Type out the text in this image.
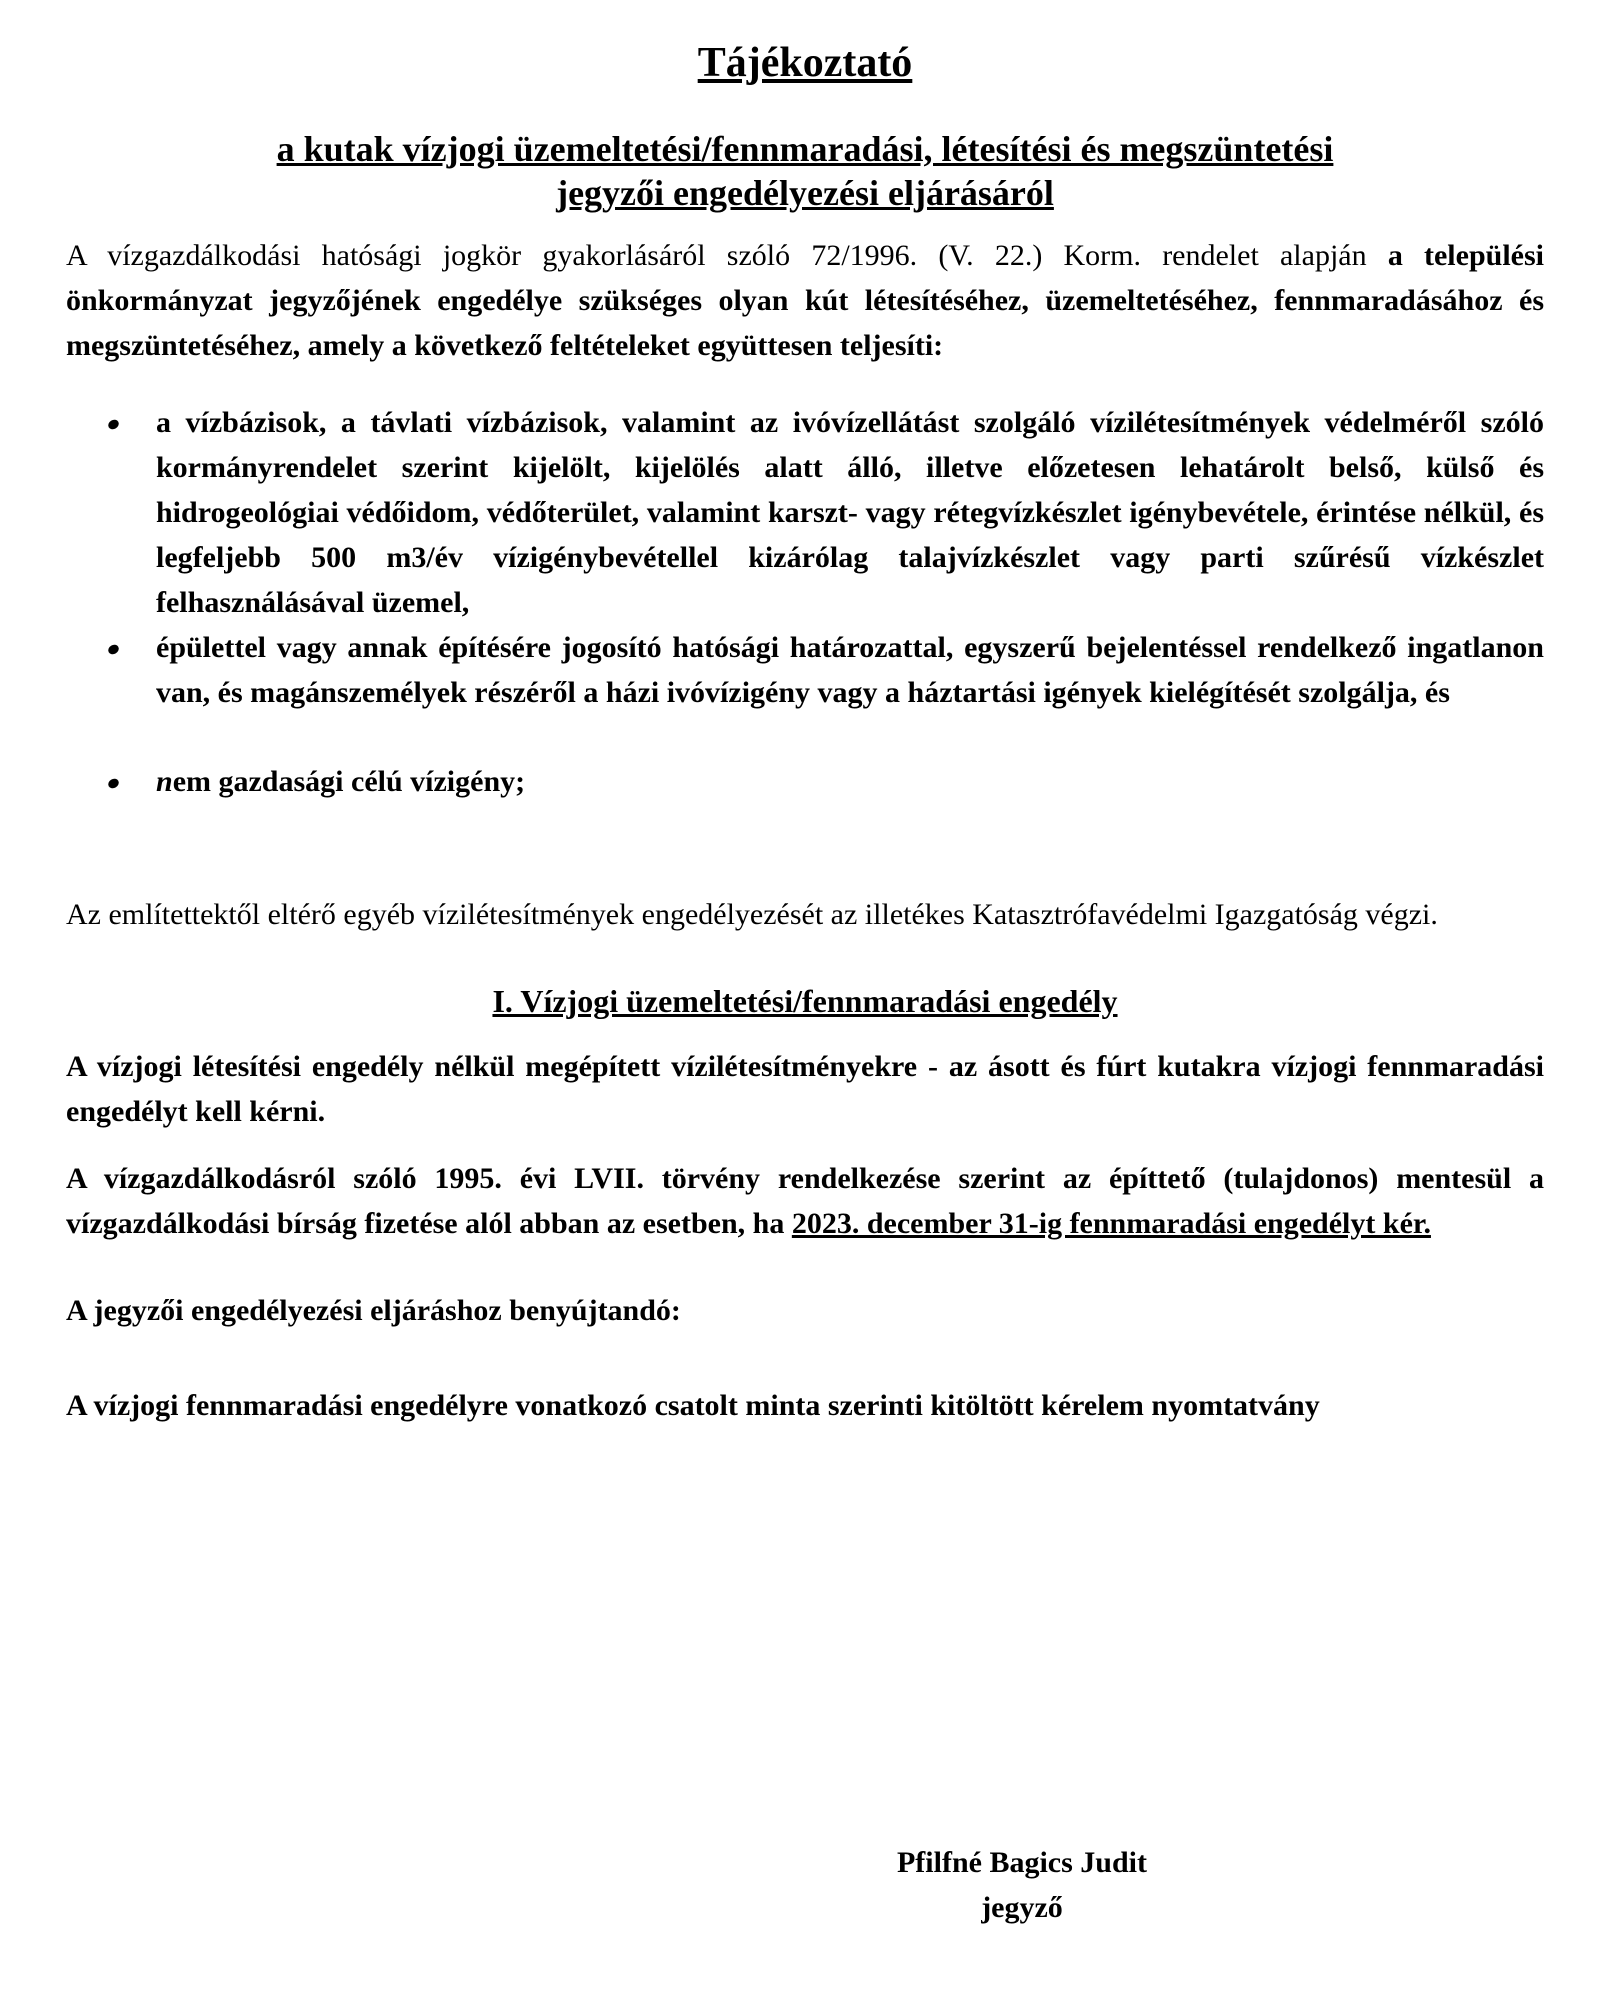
Tájékoztató
a kutak vízjogi üzemeltetési/fennmaradási, létesítési és megszüntetési
jegyzői engedélyezési eljárásáról

A vízgazdálkodási hatósági jogkör gyakorlásáról szóló 72/1996. (V. 22.) Korm. rendelet alapján a települési önkormányzat jegyzőjének engedélye szükséges olyan kút létesítéséhez, üzemeltetéséhez, fennmaradásához és megszüntetéséhez, amely a következő feltételeket együttesen teljesíti:

a vízbázisok, a távlati vízbázisok, valamint az ivóvízellátást szolgáló vízilétesítmények védelméről szóló kormányrendelet szerint kijelölt, kijelölés alatt álló, illetve előzetesen lehatárolt belső, külső és hidrogeológiai védőidom, védőterület, valamint karszt- vagy rétegvízkészlet igénybevétele, érintése nélkül, és legfeljebb 500 m3/év vízigénybevétellel kizárólag talajvízkészlet vagy parti szűrésű vízkészlet felhasználásával üzemel,
épülettel vagy annak építésére jogosító hatósági határozattal, egyszerű bejelentéssel rendelkező ingatlanon van, és magánszemélyek részéről a házi ivóvízigény vagy a háztartási igények kielégítését szolgálja, és
nem gazdasági célú vízigény;

Az említettektől eltérő egyéb vízilétesítmények engedélyezését az illetékes Katasztrófavédelmi Igazgatóság végzi.

I. Vízjogi üzemeltetési/fennmaradási engedély

A vízjogi létesítési engedély nélkül megépített vízilétesítményekre - az ásott és fúrt kutakra vízjogi fennmaradási engedélyt kell kérni.

A vízgazdálkodásról szóló 1995. évi LVII. törvény rendelkezése szerint az építtető (tulajdonos) mentesül a vízgazdálkodási bírság fizetése alól abban az esetben, ha 2023. december 31-ig fennmaradási engedélyt kér.

A jegyzői engedélyezési eljáráshoz benyújtandó:

A vízjogi fennmaradási engedélyre vonatkozó csatolt minta szerinti kitöltött kérelem nyomtatvány

Pfilfné Bagics Judit
jegyző
